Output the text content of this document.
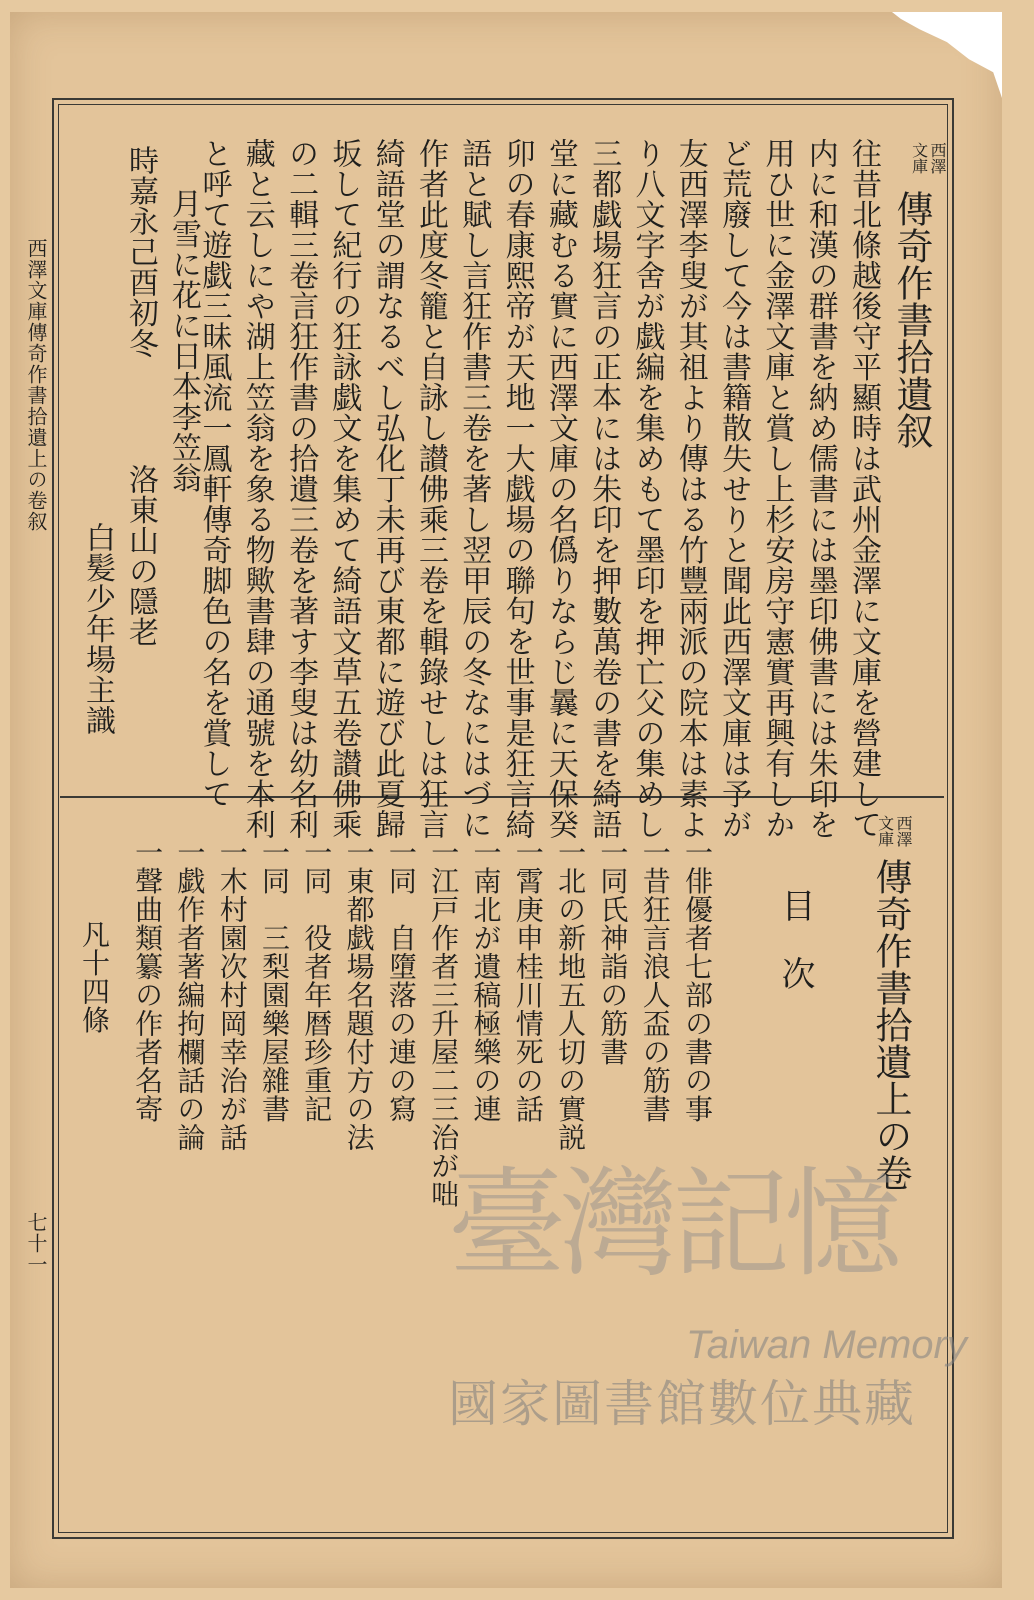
西澤文庫傳奇作書拾遺上の卷叙
七十一
西澤文庫
傳奇作書拾遺叙
往昔北條越後守平顯時は武州金澤に文庫を營建して
内に和漢の群書を納め儒書には墨印佛書には朱印を
用ひ世に金澤文庫と賞し上杉安房守憲實再興有しか
ど荒廢して今は書籍散失せりと聞此西澤文庫は予が
友西澤李叟が其祖より傳はる竹豐兩派の院本は素よ
り八文字舍が戯編を集めもて墨印を押亡父の集めし
三都戯場狂言の正本には朱印を押數萬卷の書を綺語
堂に藏むる實に西澤文庫の名僞りならじ曩に天保癸
卯の春康熙帝が天地一大戯場の聯句を世事是狂言綺
語と賦し言狂作書三卷を著し翌甲辰の冬なにはづに
作者此度冬籠と自詠し讃佛乘三卷を輯錄せしは狂言
綺語堂の謂なるべし弘化丁未再び東都に遊び此夏歸
坂して紀行の狂詠戯文を集めて綺語文草五卷讃佛乘
の二輯三卷言狂作書の拾遺三卷を著す李叟は幼名利
藏と云しにや湖上笠翁を象る物歟書肆の通號を本利
と呼て遊戯三昧風流一鳳軒傳奇脚色の名を賞して
月雪に花に日本李笠翁
時嘉永己酉初冬
洛東山の隱老
白髪少年場主識
西澤文庫
傳奇作書拾遺上の卷
目　次
一俳優者七部の書の事
一昔狂言浪人盃の筋書
一同氏神詣の筋書
一北の新地五人切の實説
一霄庚申桂川情死の話
一南北が遺稿極樂の連
一江戸作者三升屋二三治が咄
一同　自墮落の連の寫
一東都戯場名題付方の法
一同　役者年暦珍重記
一同　三梨園樂屋雜書
一木村園次村岡幸治が話
一戯作者著編拘欄話の論
一聲曲類纂の作者名寄
凡十四條
臺灣記憶
Taiwan Memory
國家圖書館數位典藏
